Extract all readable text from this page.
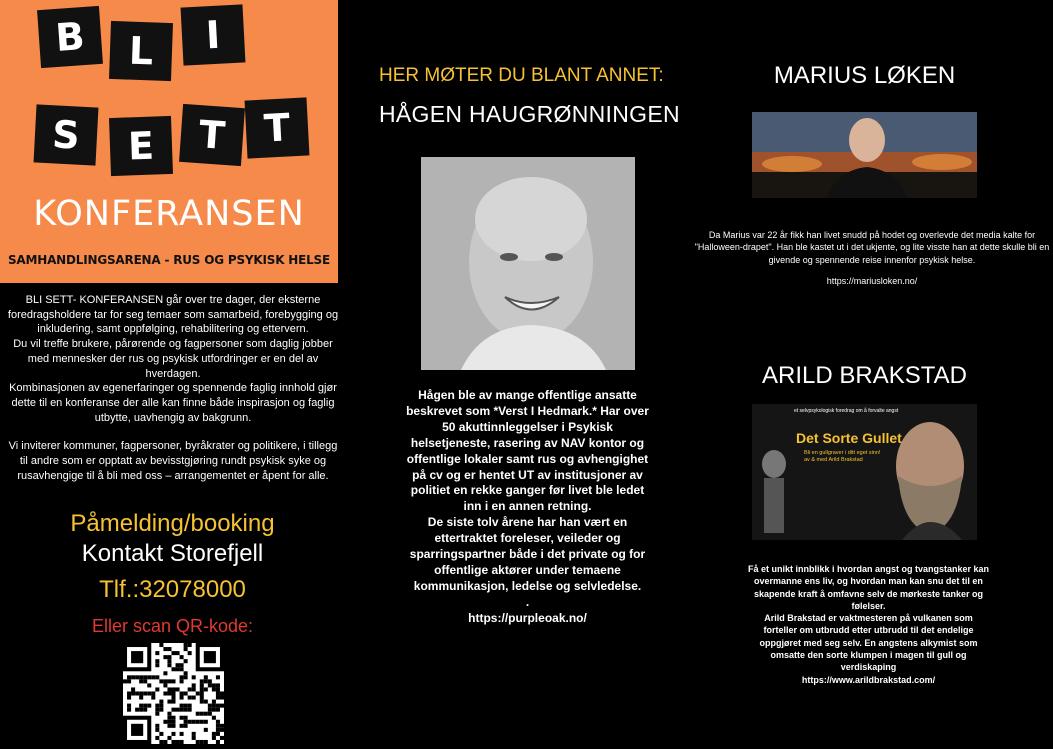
B	L	I
S	E	T T
KONFERANSEN
SAMHANDLINGSARENA - RUS OG PSYKISK HELSE

BLI SETT- KONFERANSEN går over tre dager, der eksterne foredragsholdere tar for seg temaer som samarbeid, forebygging og inkludering, samt oppfølging, rehabilitering og ettervern.

Du vil treffe brukere, pårørende og fagpersoner som daglig jobber med mennesker der rus og psykisk utfordringer er en del av hverdagen.

Kombinasjonen av egenerfaringer og spennende faglig innhold gjør dette til en konferanse der alle kan finne både inspirasjon og faglig utbytte, uavhengig av bakgrunn.

Vi inviterer kommuner, fagpersoner, byråkrater og politikere, i tillegg til andre som er opptatt av bevisstgjøring rundt psykisk syke og rusavhengige til å bli med oss – arrangementet er åpent for alle.

Påmelding/booking
Kontakt Storefjell
Tlf.:32078000
Eller scan QR-kode:
HER MØTER DU BLANT ANNET:
HÅGEN HAUGRØNNINGEN

Hågen ble av mange offentlige ansatte beskrevet som *Verst I Hedmark.* Har over 50 akuttinnleggelser i Psykisk helsetjeneste, rasering av NAV kontor og offentlige lokaler samt rus og avhengighet på cv og er hentet UT av institusjoner av politiet en rekke ganger før livet ble ledet inn i en annen retning.

De siste tolv årene har han vært en ettertraktet foreleser, veileder og sparringspartner både i det private og for offentlige aktører under temaene kommunikasjon, ledelse og selvledelse.

.

https://purpleoak.no/

MARIUS LØKEN

Da Marius var 22 år fikk han livet snudd på hodet og overlevde det media kalte for "Halloween-drapet". Han ble kastet ut i det ukjente, og lite visste han at dette skulle bli en givende og spennende reise innenfor psykisk helse.

https://mariusloken.no/

ARILD BRAKSTAD
et selvpsykologisk foredrag om å forvalte angst
Det Sorte Gullet
Bli en gullgraver i ditt eget sinn! av & med Arild Brakstad

Få et unikt innblikk i hvordan angst og tvangstanker kan overmanne ens liv, og hvordan man kan snu det til en skapende kraft å omfavne selv de mørkeste tanker og følelser.

Arild Brakstad er vaktmesteren på vulkanen som forteller om utbrudd etter utbrudd til det endelige oppgjøret med seg selv. En angstens alkymist som omsatte den sorte klumpen i magen til gull og verdiskaping

https://www.arildbrakstad.com/
